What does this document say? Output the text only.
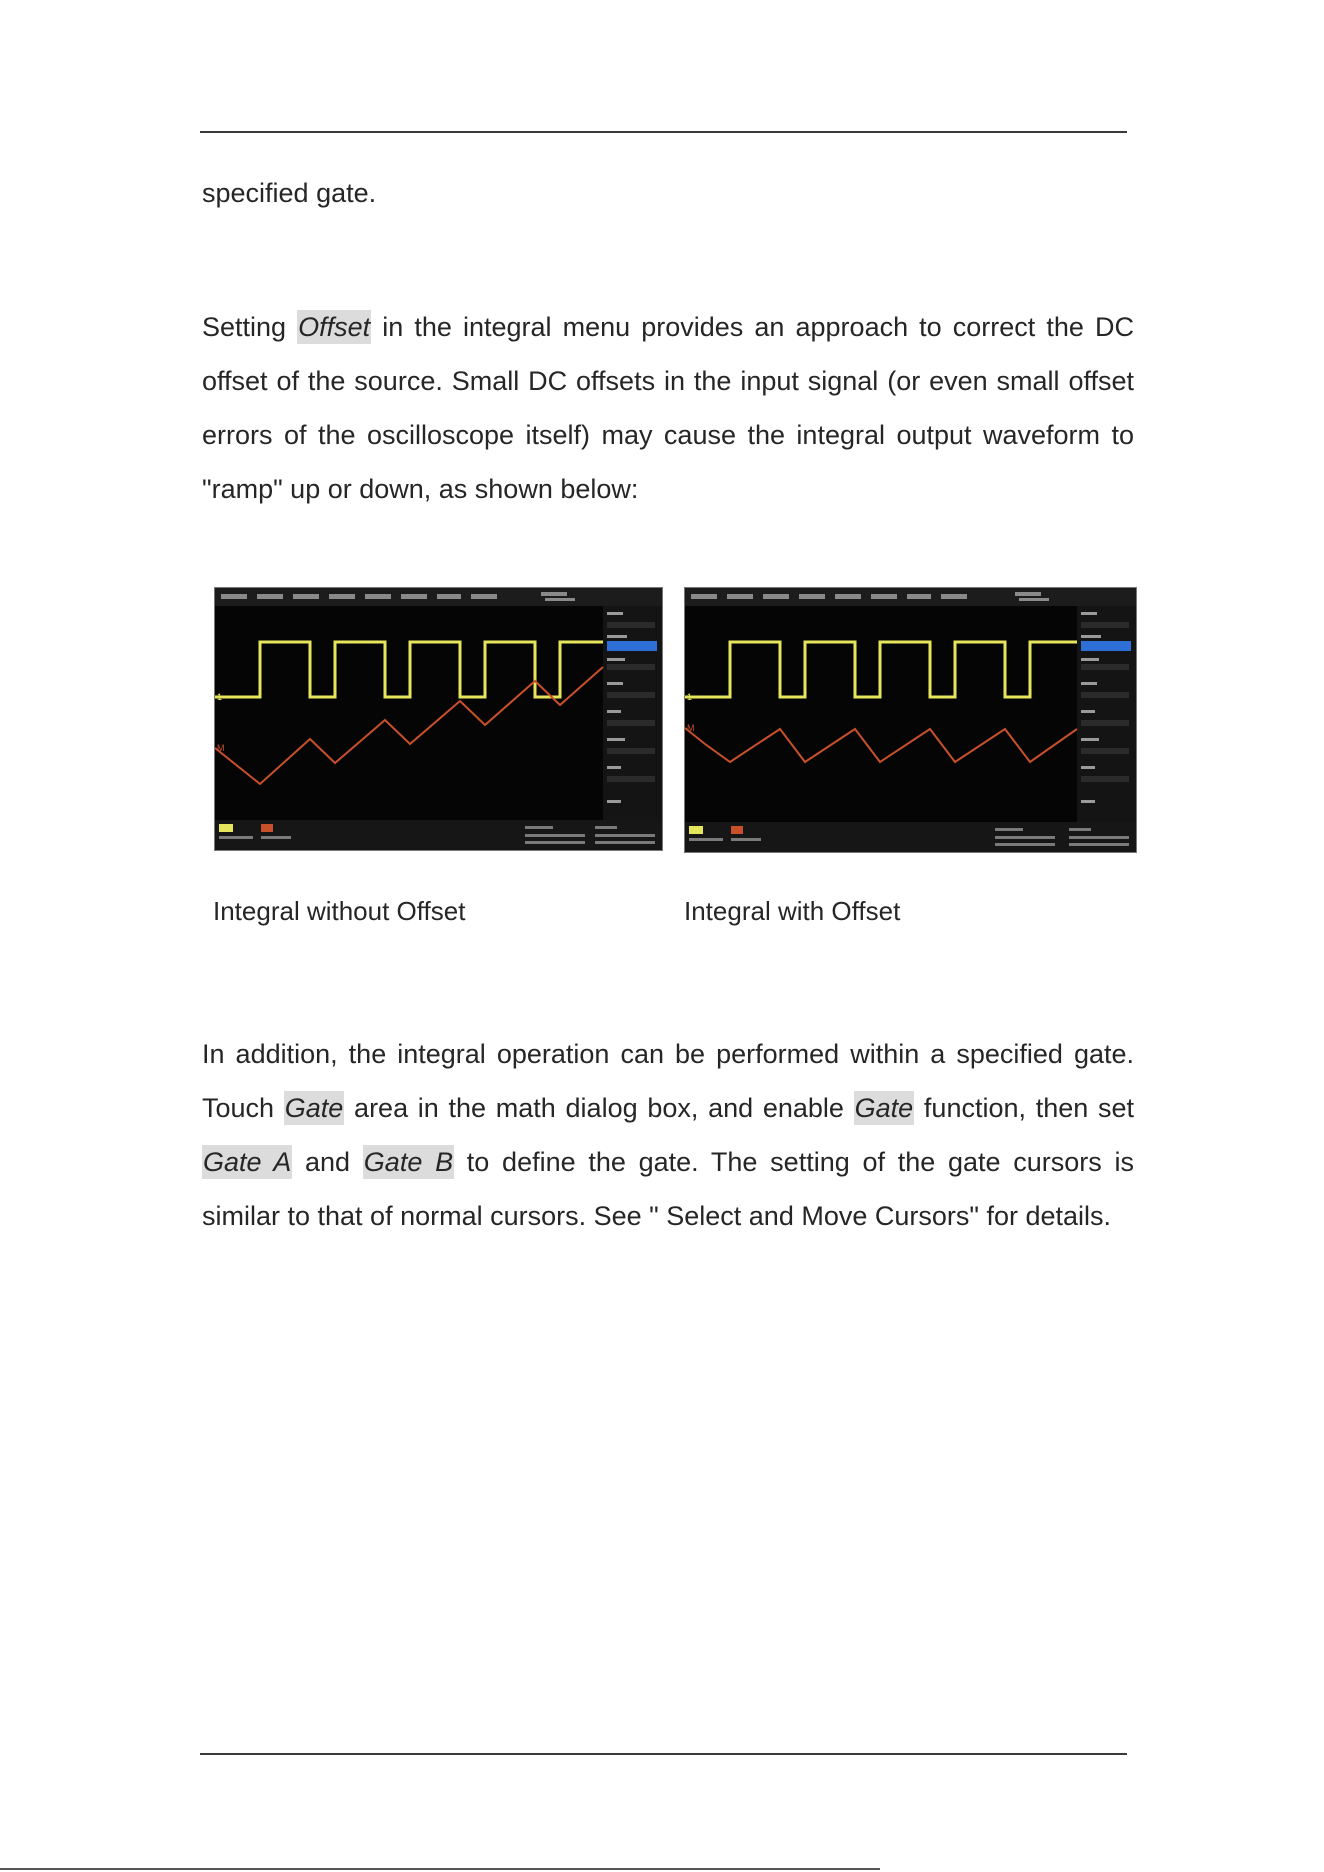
specified gate.

Setting Offset in the integral menu provides an approach to correct the DC

offset of the source. Small DC offsets in the input signal (or even small offset

errors of the oscilloscope itself) may cause the integral output waveform to

"ramp" up or down, as shown below:

1
M
1
M
Integral without Offset	Integral with Offset

In addition, the integral operation can be performed within a specified gate.

Touch Gate area in the math dialog box, and enable Gate function, then set

Gate A and Gate B to define the gate. The setting of the gate cursors is

similar to that of normal cursors. See " Select and Move Cursors" for details.
